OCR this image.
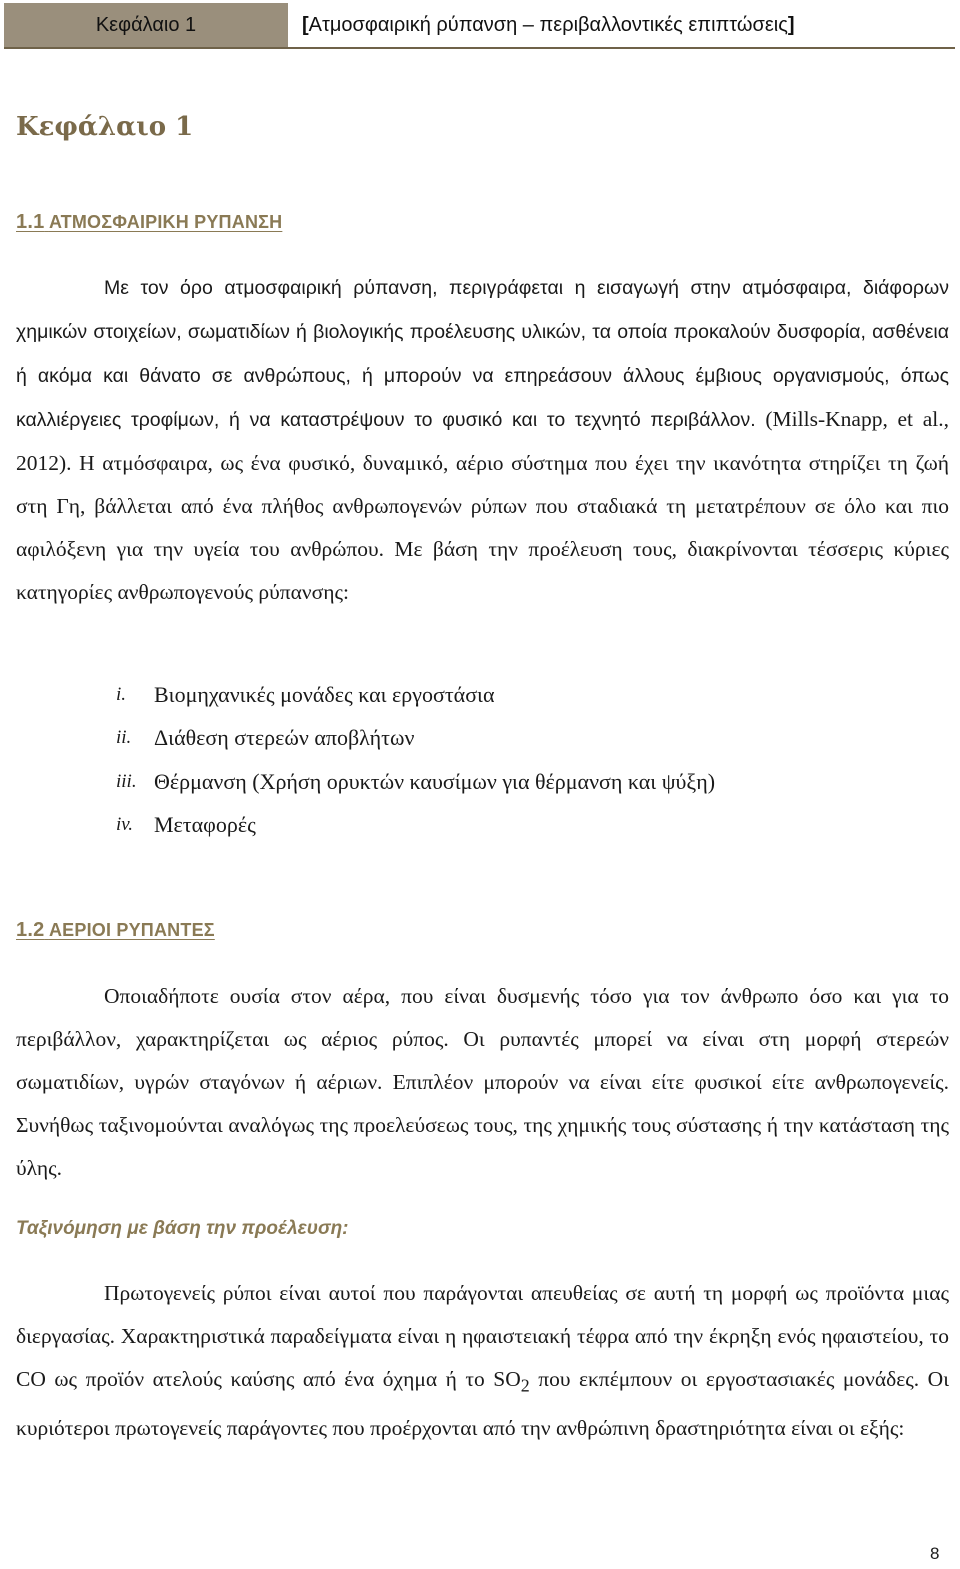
Κεφάλαιο 1	[ Ατμοσφαιρική ρύπανση – περιβαλλοντικές επιπτώσεις ]
Κεφάλαιο 1
1.1 ΑΤΜΟΣΦΑΙΡΙΚΗ ΡΥΠΑΝΣΗ

Με τον όρο ατμοσφαιρική ρύπανση, περιγράφεται η εισαγωγή στην ατμόσφαιρα, διάφορων χημικών στοιχείων, σωματιδίων ή βιολογικής προέλευσης υλικών, τα οποία προκαλούν δυσφορία, ασθένεια ή ακόμα και θάνατο σε ανθρώπους, ή μπορούν να επηρεάσουν άλλους έμβιους οργανισμούς, όπως καλλιέργειες τροφίμων, ή να καταστρέψουν το φυσικό και το τεχνητό περιβάλλον. (Mills-Knapp, et al., 2012). Η ατμόσφαιρα, ως ένα φυσικό, δυναμικό, αέριο σύστημα που έχει την ικανότητα στηρίζει τη ζωή στη Γη, βάλλεται από ένα πλήθος ανθρωπογενών ρύπων που σταδιακά τη μετατρέπουν σε όλο και πιο αφιλόξενη για την υγεία του ανθρώπου. Με βάση την προέλευση τους, διακρίνονται τέσσερις κύριες κατηγορίες ανθρωπογενούς ρύπανσης:

i.	Βιομηχανικές μονάδες και εργοστάσια
ii.	Διάθεση στερεών αποβλήτων
iii. Θέρμανση (Χρήση ορυκτών καυσίμων για θέρμανση και ψύξη)
iv. Μεταφορές
1.2 ΑΕΡΙΟΙ ΡΥΠΑΝΤΕΣ

Οποιαδήποτε ουσία στον αέρα, που είναι δυσμενής τόσο για τον άνθρωπο όσο και για το περιβάλλον, χαρακτηρίζεται ως αέριος ρύπος. Οι ρυπαντές μπορεί να είναι στη μορφή στερεών σωματιδίων, υγρών σταγόνων ή αέριων. Επιπλέον μπορούν να είναι είτε φυσικοί είτε ανθρωπογενείς. Συνήθως ταξινομούνται αναλόγως της προελεύσεως τους, της χημικής τους σύστασης ή την κατάσταση της ύλης.

Ταξινόμηση με βάση την προέλευση:

Πρωτογενείς ρύποι είναι αυτοί που παράγονται απευθείας σε αυτή τη μορφή ως προϊόντα μιας διεργασίας. Χαρακτηριστικά παραδείγματα είναι η ηφαιστειακή τέφρα από την έκρηξη ενός ηφαιστείου, το CO ως προϊόν ατελούς καύσης από ένα όχημα ή το $SO_2$ που εκπέμπουν οι εργοστασιακές μονάδες. Οι κυριότεροι πρωτογενείς παράγοντες που προέρχονται από την ανθρώπινη δραστηριότητα είναι οι εξής:

8
